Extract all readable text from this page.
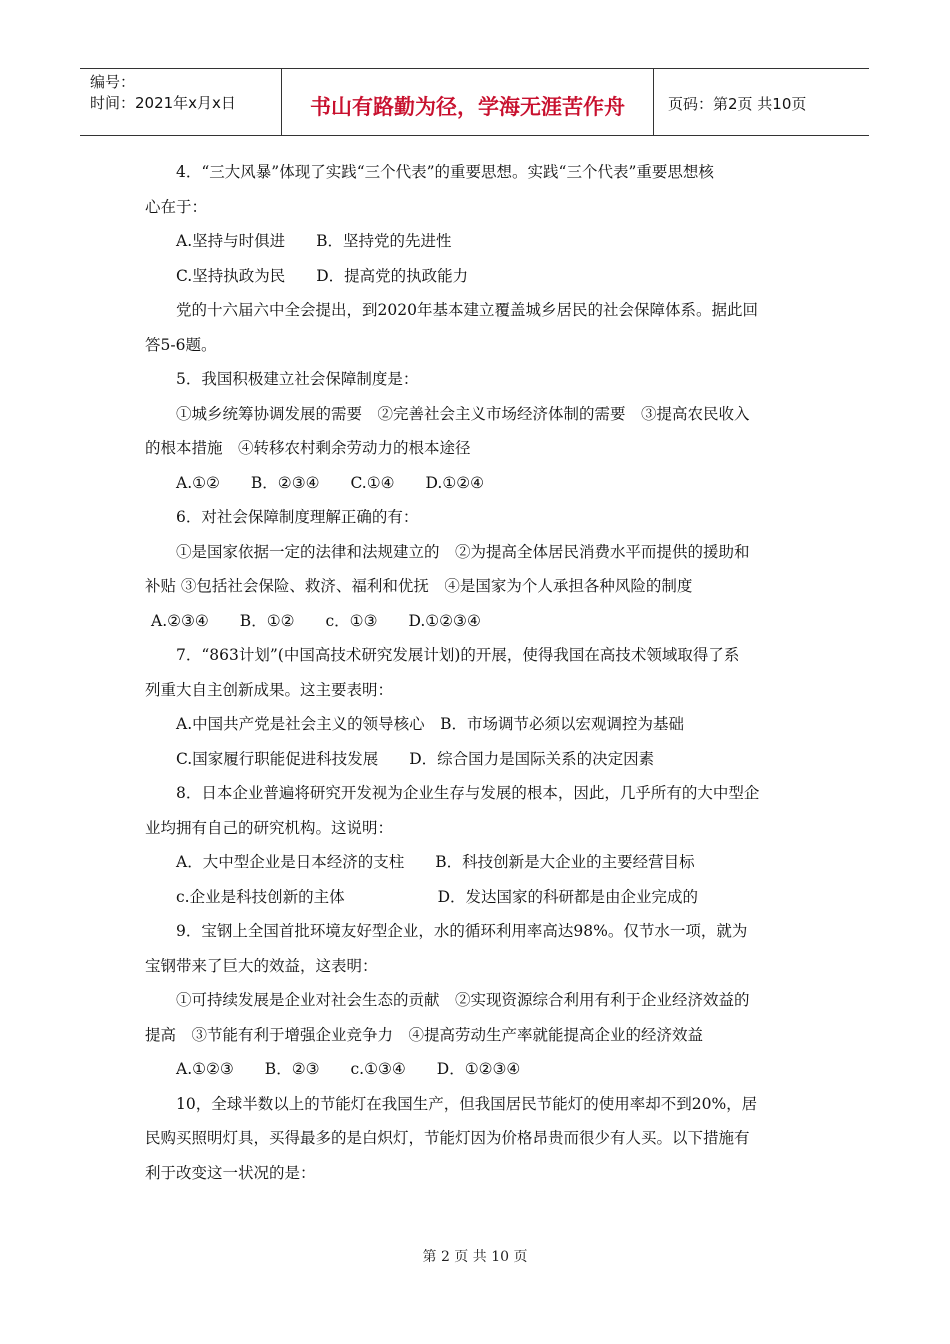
编号：
时间：2021年x月x日	书山有路勤为径，学海无涯苦作舟	页码：第2页 共10页

4．“三大风暴”体现了实践“三个代表”的重要思想。实践“三个代表”重要思想核

心在于：

A.坚持与时俱进　　B．坚持党的先进性

C.坚持执政为民　　D．提高党的执政能力

党的十六届六中全会提出，到2020年基本建立覆盖城乡居民的社会保障体系。据此回

答5-6题。

5．我国积极建立社会保障制度是：

①城乡统筹协调发展的需要　②完善社会主义市场经济体制的需要　③提高农民收入

的根本措施　④转移农村剩余劳动力的根本途径

A.①②　　B．②③④　　C.①④　　D.①②④

6．对社会保障制度理解正确的有：

①是国家依据一定的法律和法规建立的　②为提高全体居民消费水平而提供的援助和

补贴 ③包括社会保险、救济、福利和优抚　④是国家为个人承担各种风险的制度

A.②③④　　B．①②　　c．①③　　D.①②③④

7．“863计划”(中国高技术研究发展计划)的开展，使得我国在高技术领域取得了系

列重大自主创新成果。这主要表明：

A.中国共产党是社会主义的领导核心　B．市场调节必须以宏观调控为基础

C.国家履行职能促进科技发展　　D．综合国力是国际关系的决定因素

8．日本企业普遍将研究开发视为企业生存与发展的根本，因此，几乎所有的大中型企

业均拥有自己的研究机构。这说明：

A．大中型企业是日本经济的支柱　　B．科技创新是大企业的主要经营目标

c.企业是科技创新的主体　　　　　　D．发达国家的科研都是由企业完成的

9．宝钢上全国首批环境友好型企业，水的循环利用率高达98%。仅节水一项，就为

宝钢带来了巨大的效益，这表明：

①可持续发展是企业对社会生态的贡献　②实现资源综合利用有利于企业经济效益的

提高　③节能有利于增强企业竞争力　④提高劳动生产率就能提高企业的经济效益

A.①②③　　B．②③　　c.①③④　　D．①②③④

10，全球半数以上的节能灯在我国生产，但我国居民节能灯的使用率却不到20%，居

民购买照明灯具，买得最多的是白炽灯，节能灯因为价格昂贵而很少有人买。以下措施有

利于改变这一状况的是：

第 2 页 共 10 页
